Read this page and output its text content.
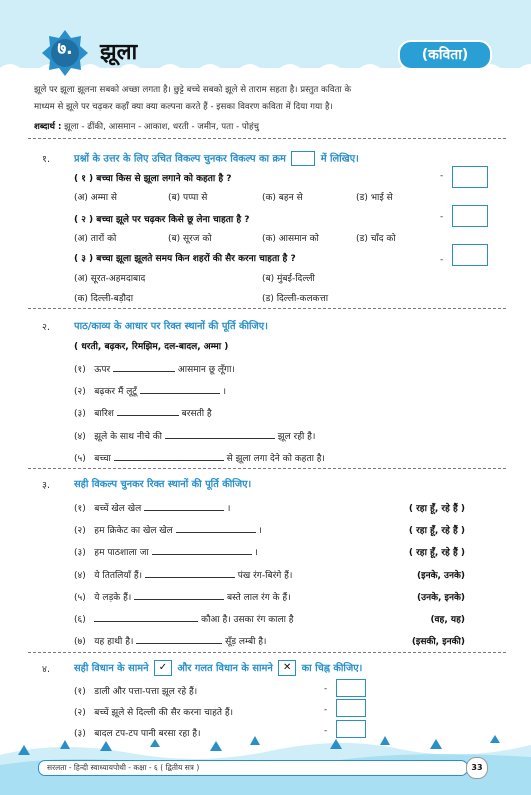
७.	झूला	(कविता)
झूले पर झूला झूलना सबको अच्छा लगता है। छुट्टे बच्चे सबको झूले से ताराम सहता है। प्रस्तुत कविता के
माध्यम से झूले पर चढ़कर कहाँ क्या क्या कल्पना करते हैं - इसका विवरण कविता में दिया गया है।
शब्दार्थ : झूला - ढींकी, आसमान - आकाश, धरती - जमीन, पता - पोहंचु
१. प्रश्नों के उत्तर के लिए उचित विकल्प चुनकर विकल्प का क्रम	में लिखिए।
( १ ) बच्चा किस से झूला लगाने को कहता है ?	-
(अ) अम्मा से	(ब) पप्पा से	(क) बहन से	(ड) भाई से
( २ ) बच्चा झूले पर चढ़कर किसे छू लेना चाहता है ?	-
(अ) तारों को	(ब) सूरज को	(क) आसमान को	(ड) चाँद को
( ३ ) बच्चा झूला झूलते समय किन शहरों की सैर करना चाहता है ?	-
(अ) सूरत-अहमदाबाद	(ब) मुंबई-दिल्ली
(क) दिल्ली-बड़ौदा	(ड) दिल्ली-कलकत्ता
२. पाठ/काव्य के आधार पर रिक्त स्थानों की पूर्ति कीजिए।
( धरती, बढ़कर, रिमझिम, दल-बादल, अम्मा )
(१) ऊपर	आसमान छू लूँगा।
(२) बढ़कर मैं लूटूँ	।
(३) बारिश	बरसती है
(४) झूले के साथ नीचे की	झूल रही है।
(५) बच्चा	से झूला लगा देने को कहता है।
३. सही विकल्प चुनकर रिक्त स्थानों की पूर्ति कीजिए।
(१) बच्चें खेल खेल	।	( रहा हूँ, रहे हैं )
(२) हम क्रिकेट का खेल खेल	।	( रहा हूँ, रहे हैं )
(३) हम पाठशाला जा	।	( रहा हूँ, रहे हैं )
(४) ये तितलियाँ हैं।	पंख रंग-बिरंगे हैं।	(इनके, उनके)
(५) ये लड़के हैं।	बस्ते लाल रंग के हैं।	(उनके, इनके)
(६)	कौआ है। उसका रंग काला है	(वह, यह)
(७) यह हाथी है।	सूँड़ लम्बी है।	(इसकी, इनकी)
४. सही विधान के सामने ✓ और गलत विधान के सामने ✕ का चिह्न कीजिए।
(१) डाली और पत्ता-पत्ता झूल रहे हैं।	-
(२) बच्चें झूले से दिल्ली की सैर करना चाहते हैं।	-
(३) बादल टप-टप पानी बरसा रहा है।	-
सरलता - हिन्दी स्वाध्यायपोथी - कक्षा - ६ ( द्वितीय सत्र )	33
